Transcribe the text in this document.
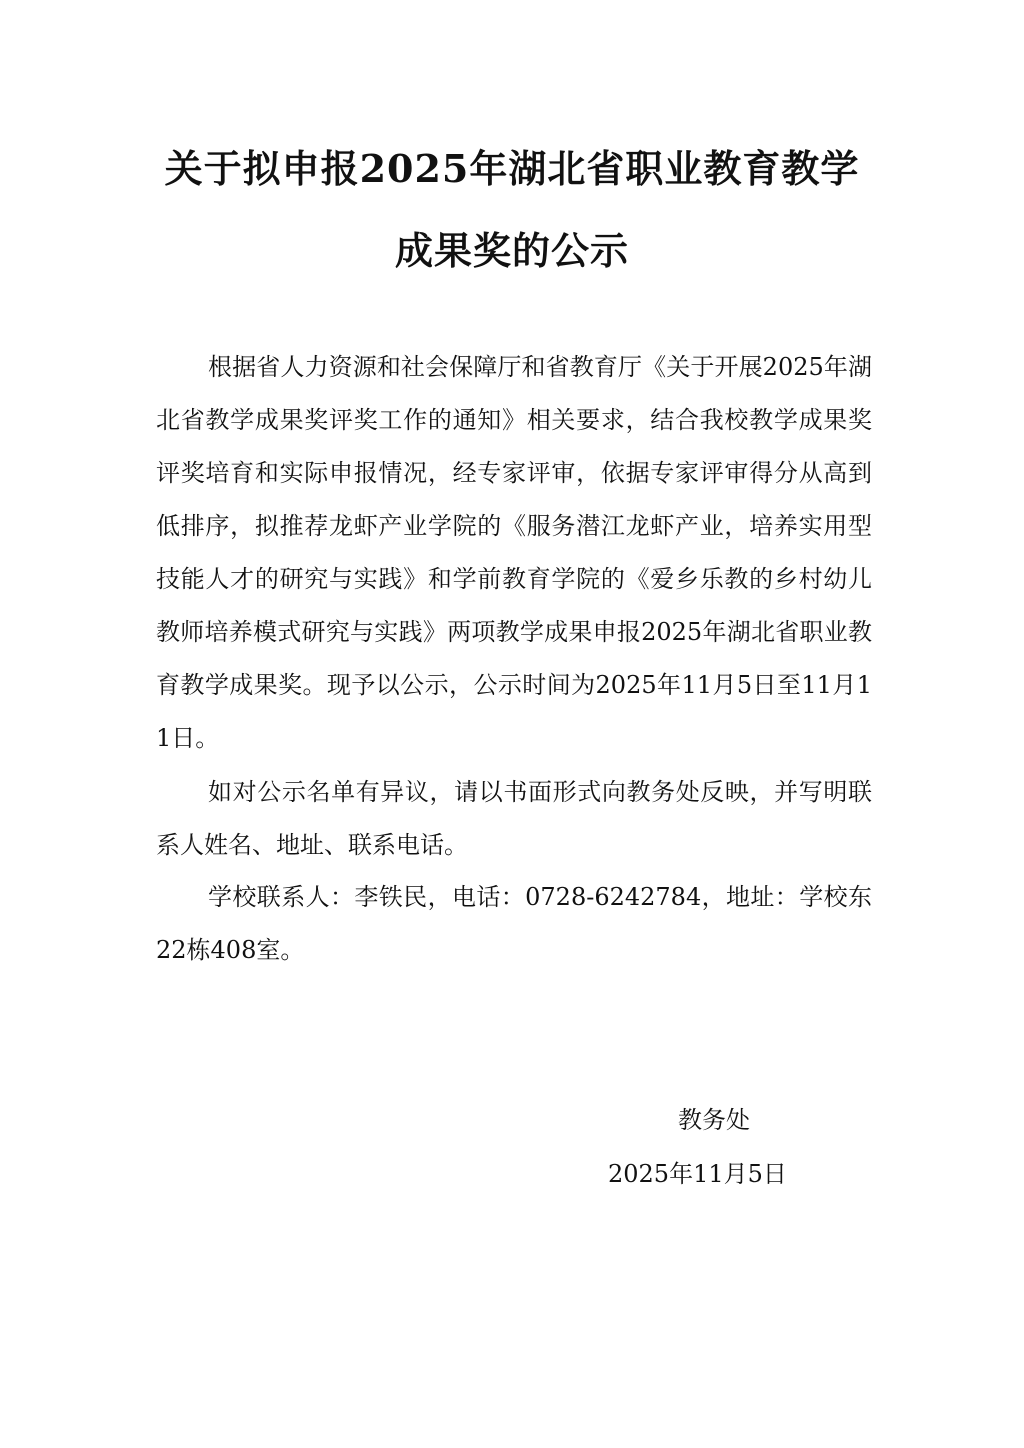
关于拟申报2025年湖北省职业教育教学
成果奖的公示

根据省人力资源和社会保障厅和省教育厅《关于开展2025年湖北省教学成果奖评奖工作的通知》相关要求，结合我校教学成果奖评奖培育和实际申报情况，经专家评审，依据专家评审得分从高到低排序，拟推荐龙虾产业学院的《服务潜江龙虾产业，培养实用型技能人才的研究与实践》和学前教育学院的《爱乡乐教的乡村幼儿教师培养模式研究与实践》两项教学成果申报2025年湖北省职业教育教学成果奖。现予以公示，公示时间为2025年11月5日至11月11日。

如对公示名单有异议，请以书面形式向教务处反映，并写明联系人姓名、地址、联系电话。

学校联系人：李铁民，电话：0728-6242784，地址：学校东22栋408室。

教务处
2025年11月5日
